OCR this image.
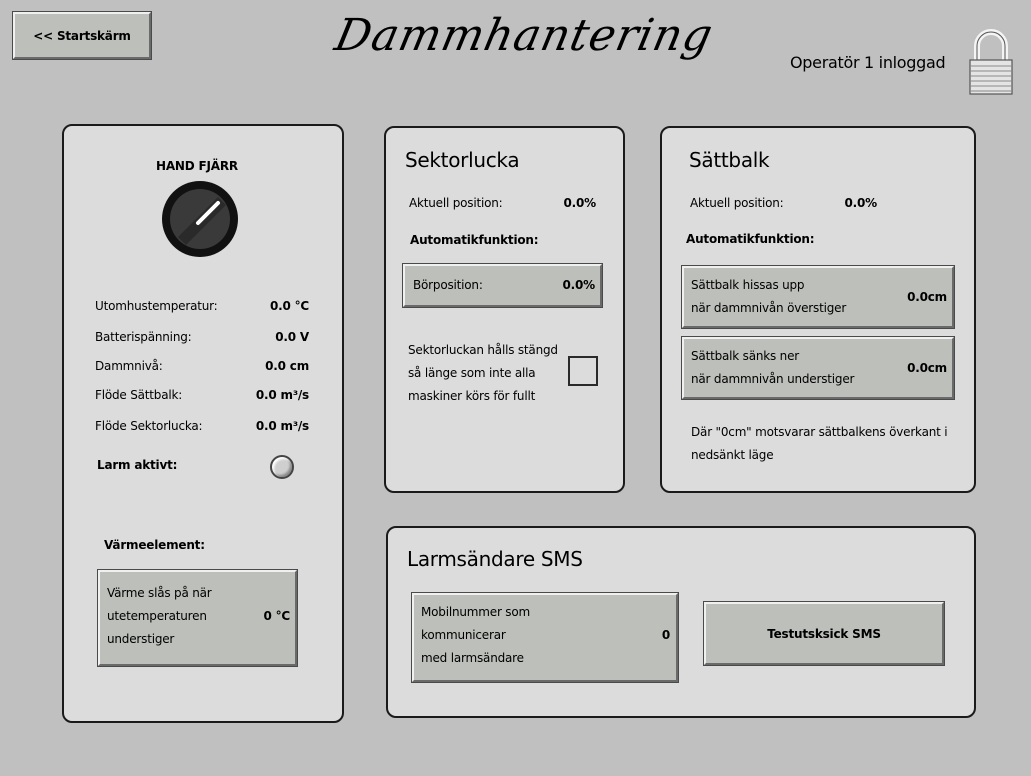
<< Startskärm	Dammhantering
Operatör 1 inloggad
HAND FJÄRR
Utomhustemperatur:	0.0 °C
Batterispänning:	0.0 V
Dammnivå:	0.0 cm
Flöde Sättbalk:	0.0 m³/s
Flöde Sektorlucka:	0.0 m³/s
Larm aktivt:
Värmeelement:
Värme slås på när
utetemperaturen
understiger
0 °C
Sektorlucka
Aktuell position:	0.0%
Automatikfunktion:
Börposition:	0.0%
Sektorluckan hålls stängd
så länge som inte alla
maskiner körs för fullt
Sättbalk
Aktuell position:	0.0%
Automatikfunktion:
Sättbalk hissas upp
när dammnivån överstiger
0.0cm
Sättbalk sänks ner
när dammnivån understiger
0.0cm
Där "0cm" motsvarar sättbalkens överkant i
nedsänkt läge
Larmsändare SMS
Mobilnummer som
kommunicerar
med larmsändare
0	Testutsksick SMS
